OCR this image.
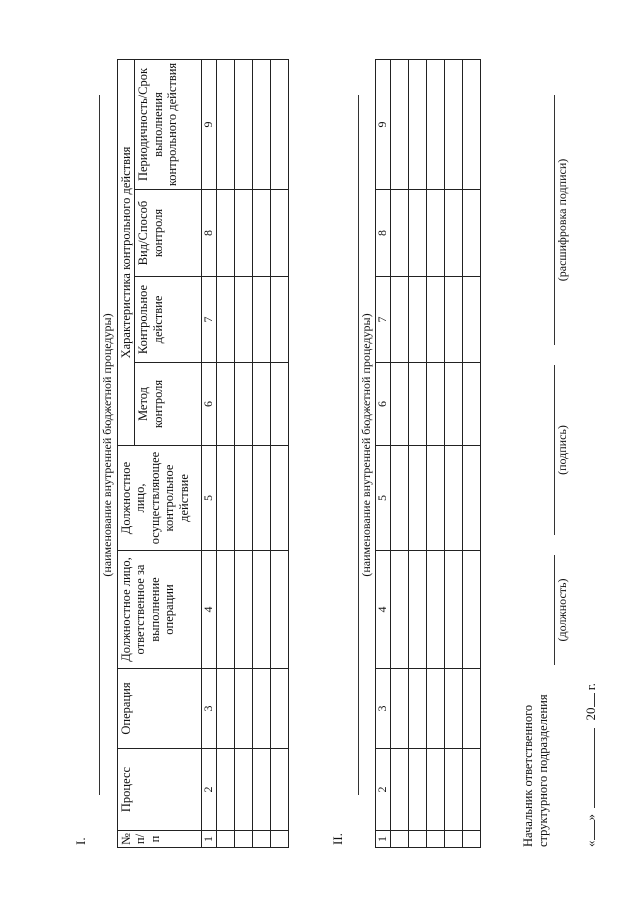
I.
(наименование внутренней бюджетной процедуры)
№ п/п	Процесс	Операция	Должностное лицо, ответственное за выполнение операции	Должностное лицо, осуществляющее контрольное действие	Характеристика контрольного действия			
					Метод контроля	Контрольное действие	Вид/Способ контроля	Периодичность/Срок выполнения контрольного действия
1	2	3	4	5	6	7	8	9

II.
(наименование внутренней бюджетной процедуры)
1	2	3	4	5	6	7	8	9

Начальник ответственного структурного подразделения
(должность)
(подпись)
(расшифровка подписи)
«»  20 г.
